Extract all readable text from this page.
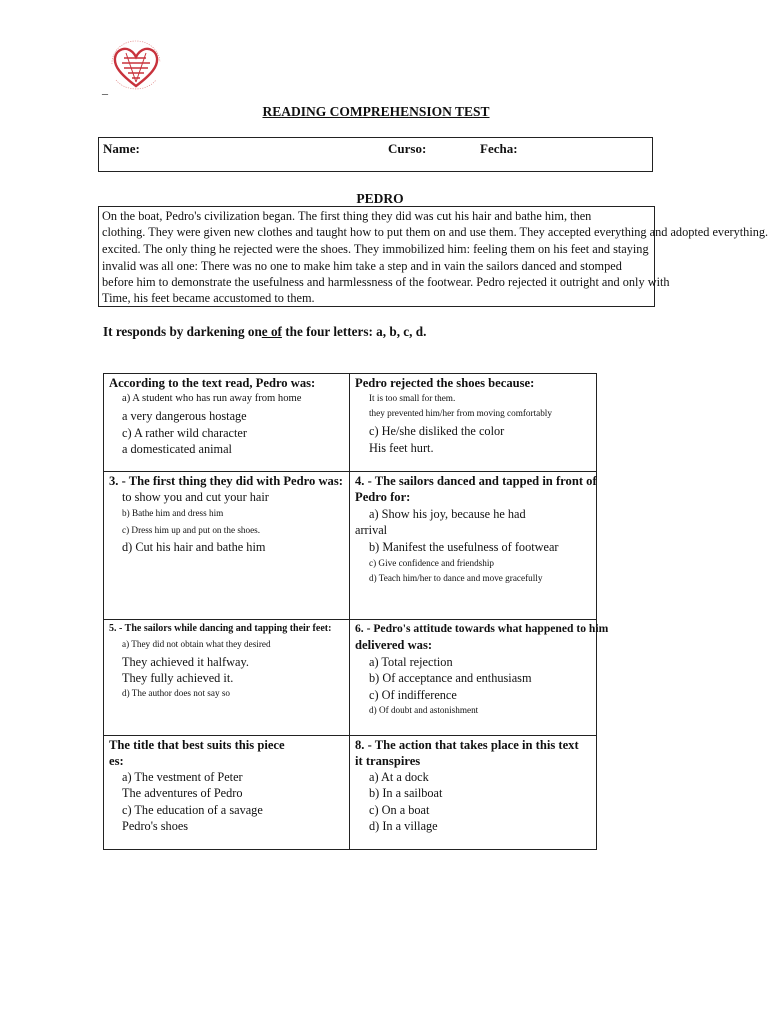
_
READING COMPREHENSION TEST
Name:	Curso:	Fecha:
PEDRO
On the boat, Pedro's civilization began. The first thing they did was cut his hair and bathe him, then
clothing. They were given new clothes and taught how to put them on and use them. They accepted everything and adopted everything.
excited. The only thing he rejected were the shoes. They immobilized him: feeling them on his feet and staying
invalid was all one: There was no one to make him take a step and in vain the sailors danced and stomped
before him to demonstrate the usefulness and harmlessness of the footwear. Pedro rejected it outright and only with
Time, his feet became accustomed to them.
It responds by darkening one of the four letters: a, b, c, d.
According to the text read, Pedro was:
a) A student who has run away from home
a very dangerous hostage
c) A rather wild character
a domesticated animal
Pedro rejected the shoes because:
It is too small for them.
they prevented him/her from moving comfortably
c) He/she disliked the color
His feet hurt.
3. - The first thing they did with Pedro was:
to show you and cut your hair
b) Bathe him and dress him
c) Dress him up and put on the shoes.
d) Cut his hair and bathe him
4. - The sailors danced and tapped in front of
Pedro for:
a) Show his joy, because he had
arrival
b) Manifest the usefulness of footwear
c) Give confidence and friendship
d) Teach him/her to dance and move gracefully
5. - The sailors while dancing and tapping their feet:
a) They did not obtain what they desired
They achieved it halfway.
They fully achieved it.
d) The author does not say so
6. - Pedro's attitude towards what happened to him
delivered was:
a) Total rejection
b) Of acceptance and enthusiasm
c) Of indifference
d) Of doubt and astonishment
The title that best suits this piece
es:
a) The vestment of Peter
The adventures of Pedro
c) The education of a savage
Pedro's shoes
8. - The action that takes place in this text
it transpires
a) At a dock
b) In a sailboat
c) On a boat
d) In a village
